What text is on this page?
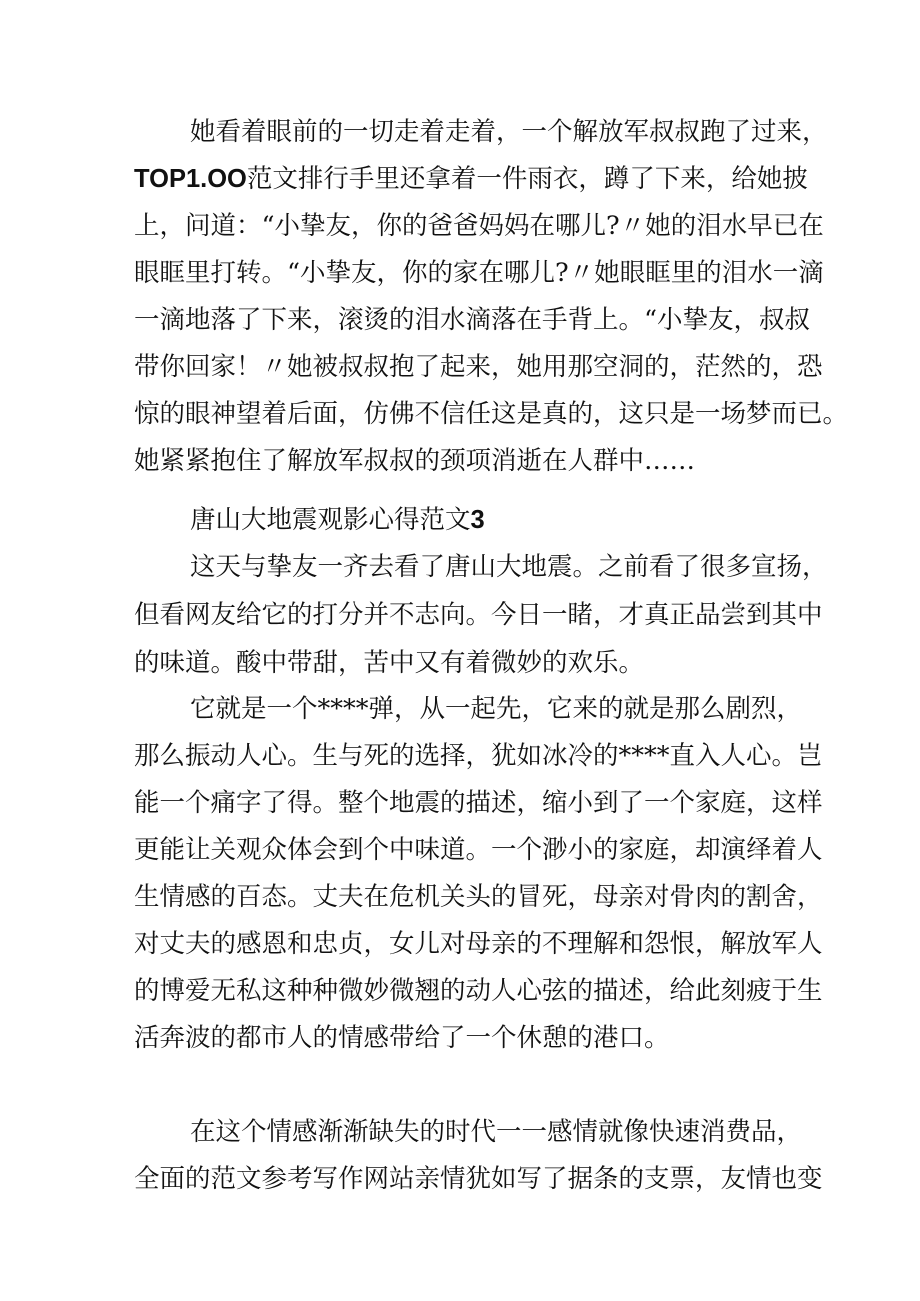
她看着眼前的一切走着走着，一个解放军叔叔跑了过来，
TOP1.OO范文排行手里还拿着一件雨衣，蹲了下来，给她披
上，问道：“小挚友，你的爸爸妈妈在哪儿?〃她的泪水早已在
眼眶里打转。“小挚友，你的家在哪儿?〃她眼眶里的泪水一滴
一滴地落了下来，滚烫的泪水滴落在手背上。“小挚友，叔叔
带你回家！〃她被叔叔抱了起来，她用那空洞的，茫然的，恐
惊的眼神望着后面，仿佛不信任这是真的，这只是一场梦而已。
她紧紧抱住了解放军叔叔的颈项消逝在人群中……
唐山大地震观影心得范文3
这天与挚友一齐去看了唐山大地震。之前看了很多宣扬，
但看网友给它的打分并不志向。今日一睹，才真正品尝到其中
的味道。酸中带甜，苦中又有着微妙的欢乐。
它就是一个****弹，从一起先，它来的就是那么剧烈，
那么振动人心。生与死的选择，犹如冰冷的****直入人心。岂
能一个痛字了得。整个地震的描述，缩小到了一个家庭，这样
更能让关观众体会到个中味道。一个渺小的家庭，却演绎着人
生情感的百态。丈夫在危机关头的冒死，母亲对骨肉的割舍，
对丈夫的感恩和忠贞，女儿对母亲的不理解和怨恨，解放军人
的博爱无私这种种微妙微翘的动人心弦的描述，给此刻疲于生
活奔波的都市人的情感带给了一个休憩的港口。
在这个情感渐渐缺失的时代一一感情就像快速消费品，
全面的范文参考写作网站亲情犹如写了据条的支票，友情也变
